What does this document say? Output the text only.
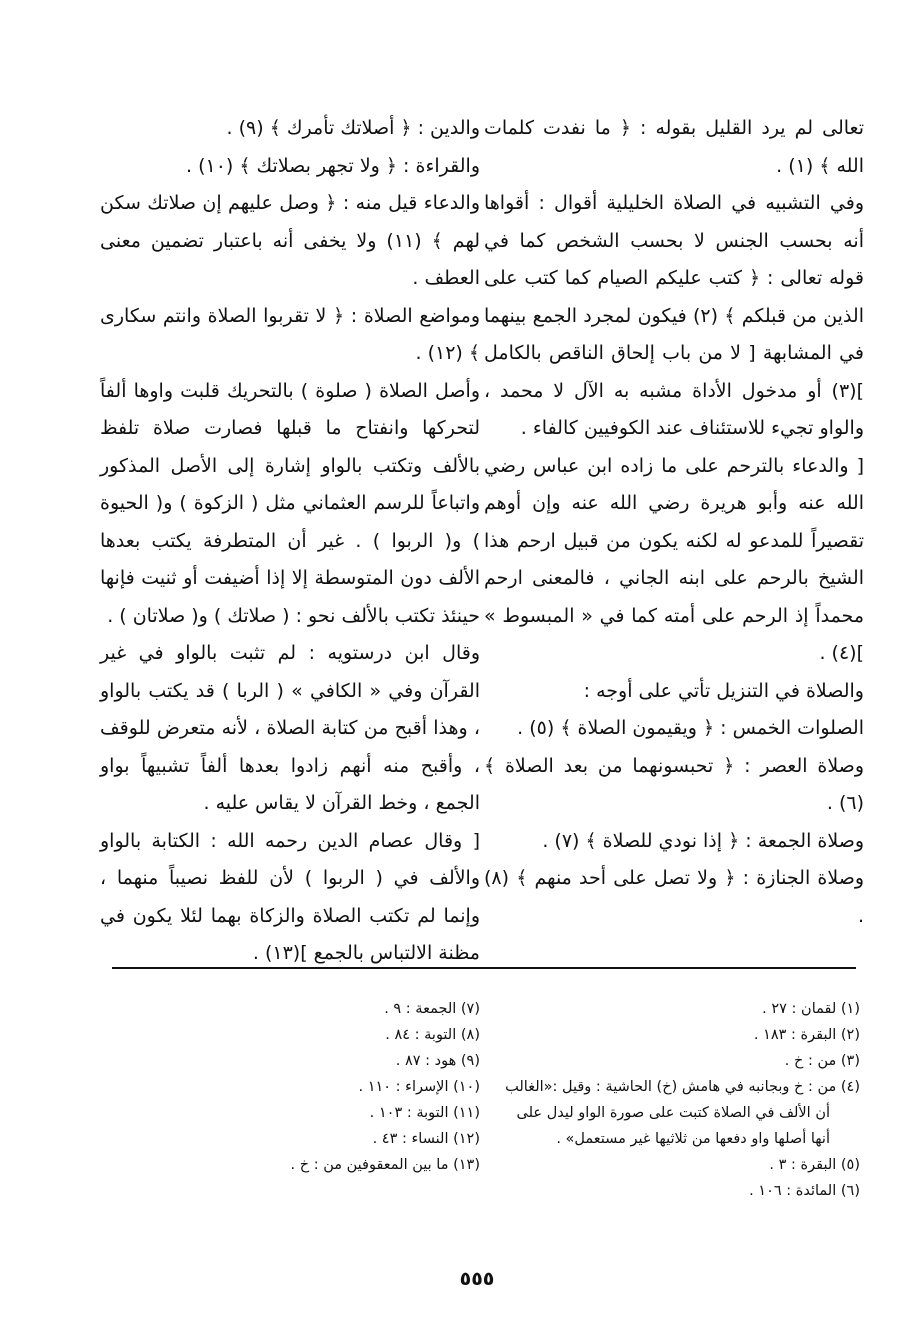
تعالى لم يرد القليل بقوله : ﴿ ما نفدت كلمات الله ﴾ (١) .

وفي التشبيه في الصلاة الخليلية أقوال : أقواها أنه بحسب الجنس لا بحسب الشخص كما في قوله تعالى : ﴿ كتب عليكم الصيام كما كتب على الذين من قبلكم ﴾ (٢) فيكون لمجرد الجمع بينهما في المشابهة [ لا من باب إلحاق الناقص بالكامل ](٣) أو مدخول الأداة مشبه به الآل لا محمد ، والواو تجيء للاستئناف عند الكوفيين كالفاء .

[ والدعاء بالترحم على ما زاده ابن عباس رضي الله عنه وأبو هريرة رضي الله عنه وإن أوهم تقصيراً للمدعو له لكنه يكون من قبيل ارحم هذا الشيخ بالرحم على ابنه الجاني ، فالمعنى ارحم محمداً إذ الرحم على أمته كما في « المبسوط » ](٤) .

والصلاة في التنزيل تأتي على أوجه :

الصلوات الخمس : ﴿ ويقيمون الصلاة ﴾ (٥) .

وصلاة العصر : ﴿ تحبسونهما من بعد الصلاة ﴾ (٦) .

وصلاة الجمعة : ﴿ إذا نودي للصلاة ﴾ (٧) .

وصلاة الجنازة : ﴿ ولا تصل على أحد منهم ﴾ (٨) .

والدين : ﴿ أصلاتك تأمرك ﴾ (٩) .

والقراءة : ﴿ ولا تجهر بصلاتك ﴾ (١٠) .

والدعاء قيل منه : ﴿ وصل عليهم إن صلاتك سكن لهم ﴾ (١١) ولا يخفى أنه باعتبار تضمين معنى العطف .

ومواضع الصلاة : ﴿ لا تقربوا الصلاة وانتم سكارى ﴾ (١٢) .

وأصل الصلاة ( صلوة ) بالتحريك قلبت واوها ألفاً لتحركها وانفتاح ما قبلها فصارت صلاة تلفظ بالألف وتكتب بالواو إشارة إلى الأصل المذكور واتباعاً للرسم العثماني مثل ( الزكوة ) و( الحيوة ) و( الربوا ) . غير أن المتطرفة يكتب بعدها الألف دون المتوسطة إلا إذا أضيفت أو ثنيت فإنها حينئذ تكتب بالألف نحو : ( صلاتك ) و( صلاتان ) .

وقال ابن درستويه : لم تثبت بالواو في غير القرآن وفي « الكافي » ( الربا ) قد يكتب بالواو ، وهذا أقبح من كتابة الصلاة ، لأنه متعرض للوقف ، وأقبح منه أنهم زادوا بعدها ألفاً تشبيهاً بواو الجمع ، وخط القرآن لا يقاس عليه .

[ وقال عصام الدين رحمه الله : الكتابة بالواو والألف في ( الربوا ) لأن للفظ نصيباً منهما ، وإنما لم تكتب الصلاة والزكاة بهما لئلا يكون في مظنة الالتباس بالجمع ](١٣) .

(١) لقمان : ٢٧ .
(٢) البقرة : ١٨٣ .
(٣) من : خ .
(٤) من : خ وبجانبه في هامش (خ) الحاشية : وقيل :«الغالب
أن الألف في الصلاة كتبت على صورة الواو ليدل على
أنها أصلها واو دفعها من ثلاثيها غير مستعمل» .
(٥) البقرة : ٣ .
(٦) المائدة : ١٠٦ .
(٧) الجمعة : ٩ .
(٨) التوبة : ٨٤ .
(٩) هود : ٨٧ .
(١٠) الإسراء : ١١٠ .
(١١) التوبة : ١٠٣ .
(١٢) النساء : ٤٣ .
(١٣) ما بين المعقوفين من : خ .
٥٥٥
